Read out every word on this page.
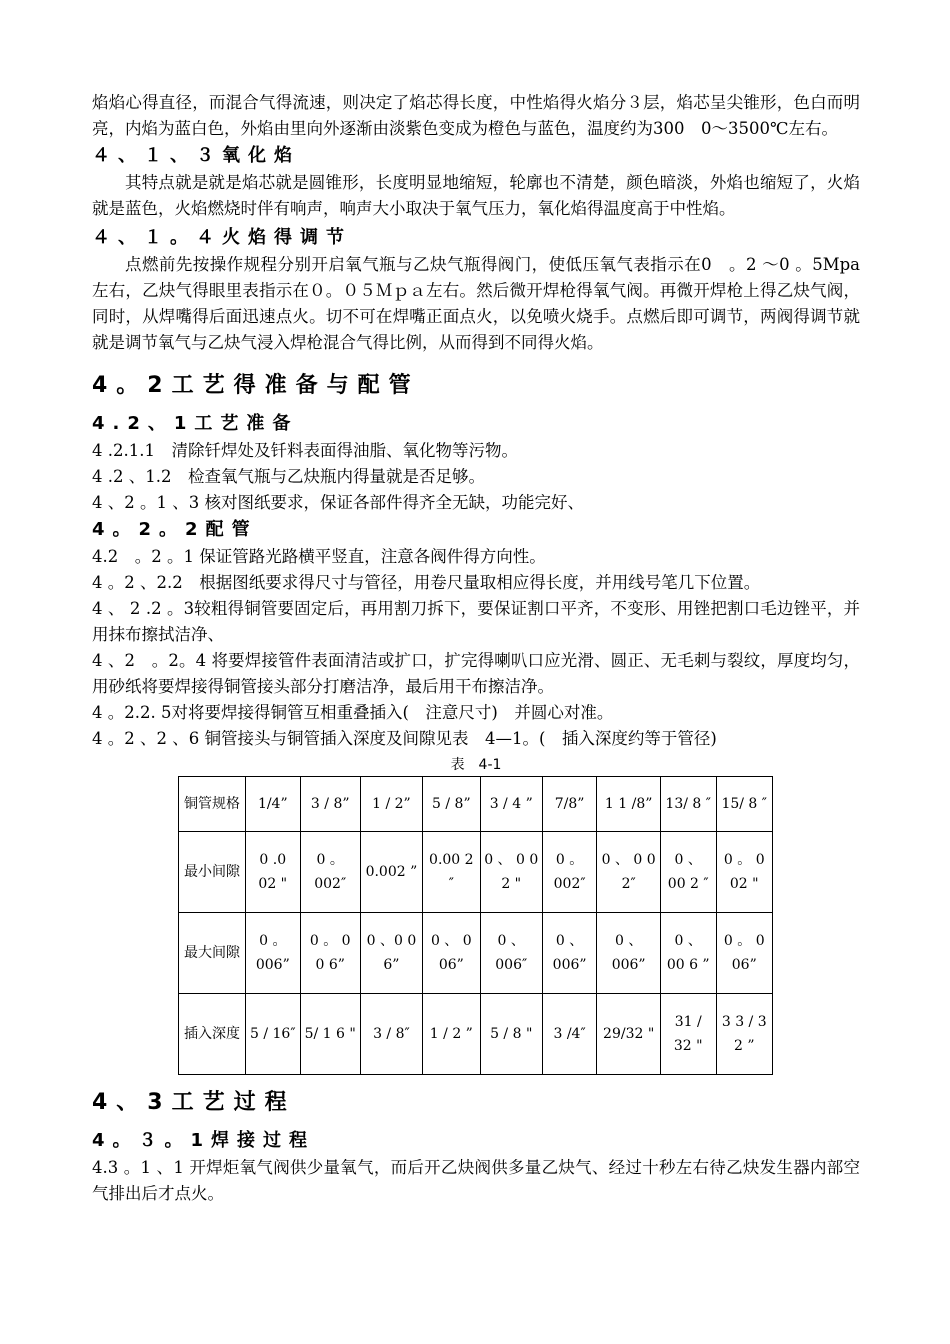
焰焰心得直径，而混合气得流速，则决定了焰芯得长度，中性焰得火焰分３层，焰芯呈尖锥形，色白而明亮，内焰为蓝白色，外焰由里向外逐渐由淡紫色变成为橙色与蓝色，温度约为300　0～3500℃左右。

４、１、３氧化焰

其特点就是就是焰芯就是圆锥形，长度明显地缩短，轮廓也不清楚，颜色暗淡，外焰也缩短了，火焰就是蓝色，火焰燃烧时伴有响声，响声大小取决于氧气压力，氧化焰得温度高于中性焰。

４、１。４火焰得调节

点燃前先按操作规程分别开启氧气瓶与乙炔气瓶得阀门，使低压氧气表指示在0　。2 ～0 。5Mpa 左右，乙炔气得眼里表指示在０。０５Ｍｐａ左右。然后微开焊枪得氧气阀。再微开焊枪上得乙炔气阀，同时，从焊嘴得后面迅速点火。切不可在焊嘴正面点火，以免喷火烧手。点燃后即可调节，两阀得调节就就是调节氧气与乙炔气浸入焊枪混合气得比例，从而得到不同得火焰。

4。2工艺得准备与配管
4.2、1工艺准备

4 .2.1.1　清除钎焊处及钎料表面得油脂、氧化物等污物。

4 .2 、1.2　检查氧气瓶与乙炔瓶内得量就是否足够。

4 、2 。1 、3 核对图纸要求，保证各部件得齐全无缺，功能完好、

4。2。2配管

4.2　。2 。1 保证管路光路横平竖直，注意各阀件得方向性。

4 。2 、2.2　根据图纸要求得尺寸与管径，用卷尺量取相应得长度，并用线号笔几下位置。

4 、 2 .2 。3较粗得铜管要固定后，再用割刀拆下，要保证割口平齐，不变形、用锉把割口毛边锉平，并用抹布擦拭洁净、

4 、2　。2。4 将要焊接管件表面清洁或扩口，扩完得喇叭口应光滑、圆正、无毛刺与裂纹，厚度均匀，用砂纸将要焊接得铜管接头部分打磨洁净，最后用干布擦洁净。

4 。2.2. 5对将要焊接得铜管互相重叠插入(　注意尺寸)　并圆心对准。

4 。2 、2 、6 铜管接头与铜管插入深度及间隙见表　4—1。(　插入深度约等于管径)

表　4-1
铜管规格	1/4”	3 / 8”	1 / 2”	5 / 8”	3 / 4 ”	7/8”	1 1 /8”	13/ 8 ″	15/ 8 ″
最小间隙	0 .0 02 "	0 。002″	0.002 ”	0.00 2 ″	0 、 0 0 2 "	0 。002″	0 、 0 0 2″	0 、 00 2 ″	0 。 0 02 "
最大间隙	0 。006”	0 。 0 0 6”	0 、0 0 6”	0 、 0 06”	0 、006″	0 、006”	0 、006”	0 、 00 6 ”	0 。 0 06”
插入深度	5 / 16″	5/ 1 6 "	3 / 8″	1 / 2 ”	5 / 8 "	3 /4″	29/32 "	31 / 32 "	3 3 / 3 2 ”
4、3工艺过程
4。３。1焊接过程

4.3 。1 、1 开焊炬氧气阀供少量氧气，而后开乙炔阀供多量乙炔气、经过十秒左右待乙炔发生器内部空气排出后才点火。
